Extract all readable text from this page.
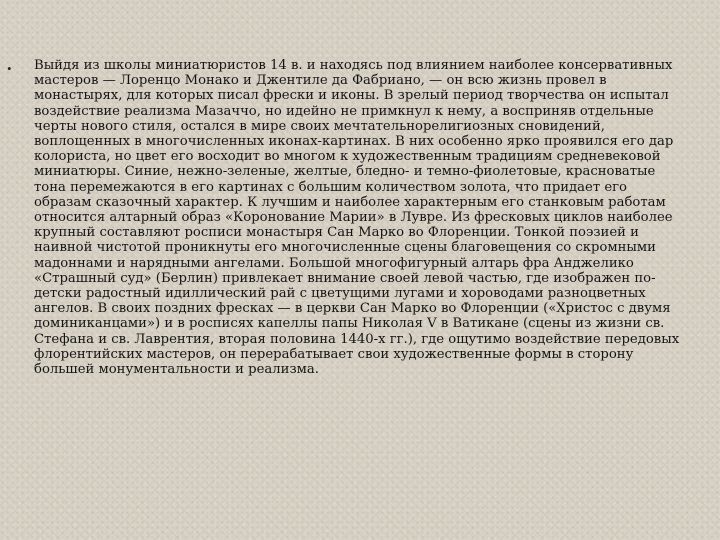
• Выйдя из школы миниатюристов 14 в. и находясь под влиянием наиболее консервативных мастеров — Лоренцо Монако и Джентиле да Фабриано, — он всю жизнь провел в монастырях, для которых писал фрески и иконы. В зрелый период творчества он испытал воздействие реализма Мазаччо, но идейно не примкнул к нему, а восприняв отдельные черты нового стиля, остался в мире своих мечтательнорелигиозных сновидений, воплощенных в многочисленных иконах-картинах. В них особенно ярко проявился его дар колориста, но цвет его восходит во многом к художественным традициям средневековой миниатюры. Синие, нежно-зеленые, желтые, бледно- и темно-фиолетовые, красноватые тона перемежаются в его картинах с большим количеством золота, что придает его образам сказочный характер. К лучшим и наиболее характерным его станковым работам относится алтарный образ «Коронование Марии» в Лувре. Из фресковых циклов наиболее крупный составляют росписи монастыря Сан Марко во Флоренции. Тонкой поэзией и наивной чистотой проникнуты его многочисленные сцены благовещения со скромными мадоннами и нарядными ангелами. Большой многофигурный алтарь фра Анджелико «Страшный суд» (Берлин) привлекает внимание своей левой частью, где изображен по-детски радостный идиллический рай с цветущими лугами и хороводами разноцветных ангелов. В своих поздних фресках — в церкви Сан Марко во Флоренции («Христос с двумя доминиканцами») и в росписях капеллы папы Николая V в Ватикане (сцены из жизни св. Стефана и св. Лаврентия, вторая половина 1440-х гг.), где ощутимо воздействие передовых флорентийских мастеров, он перерабатывает свои художественные формы в сторону большей монументальности и реализма.
